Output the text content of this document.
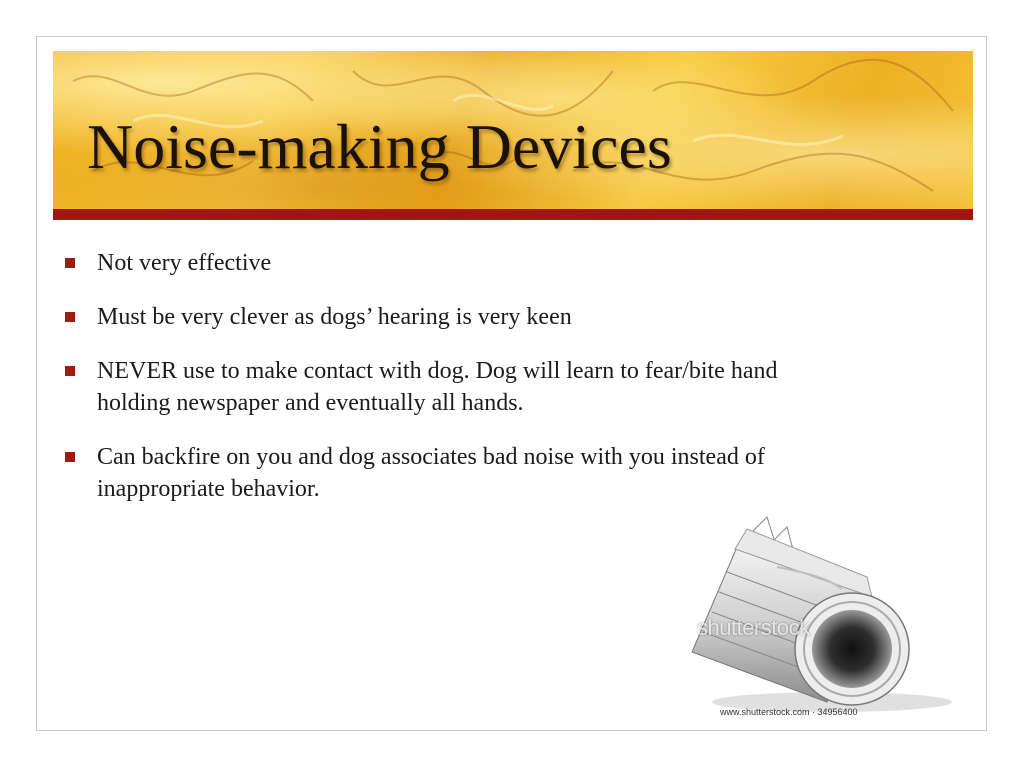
Noise-making Devices
Not very effective
Must be very clever as dogs’ hearing is very keen
NEVER use to make contact with dog. Dog will learn to fear/bite hand holding newspaper and eventually all hands.
Can backfire on you and dog associates bad noise with you instead of inappropriate behavior.
shutterstock
www.shutterstock.com · 34956400
